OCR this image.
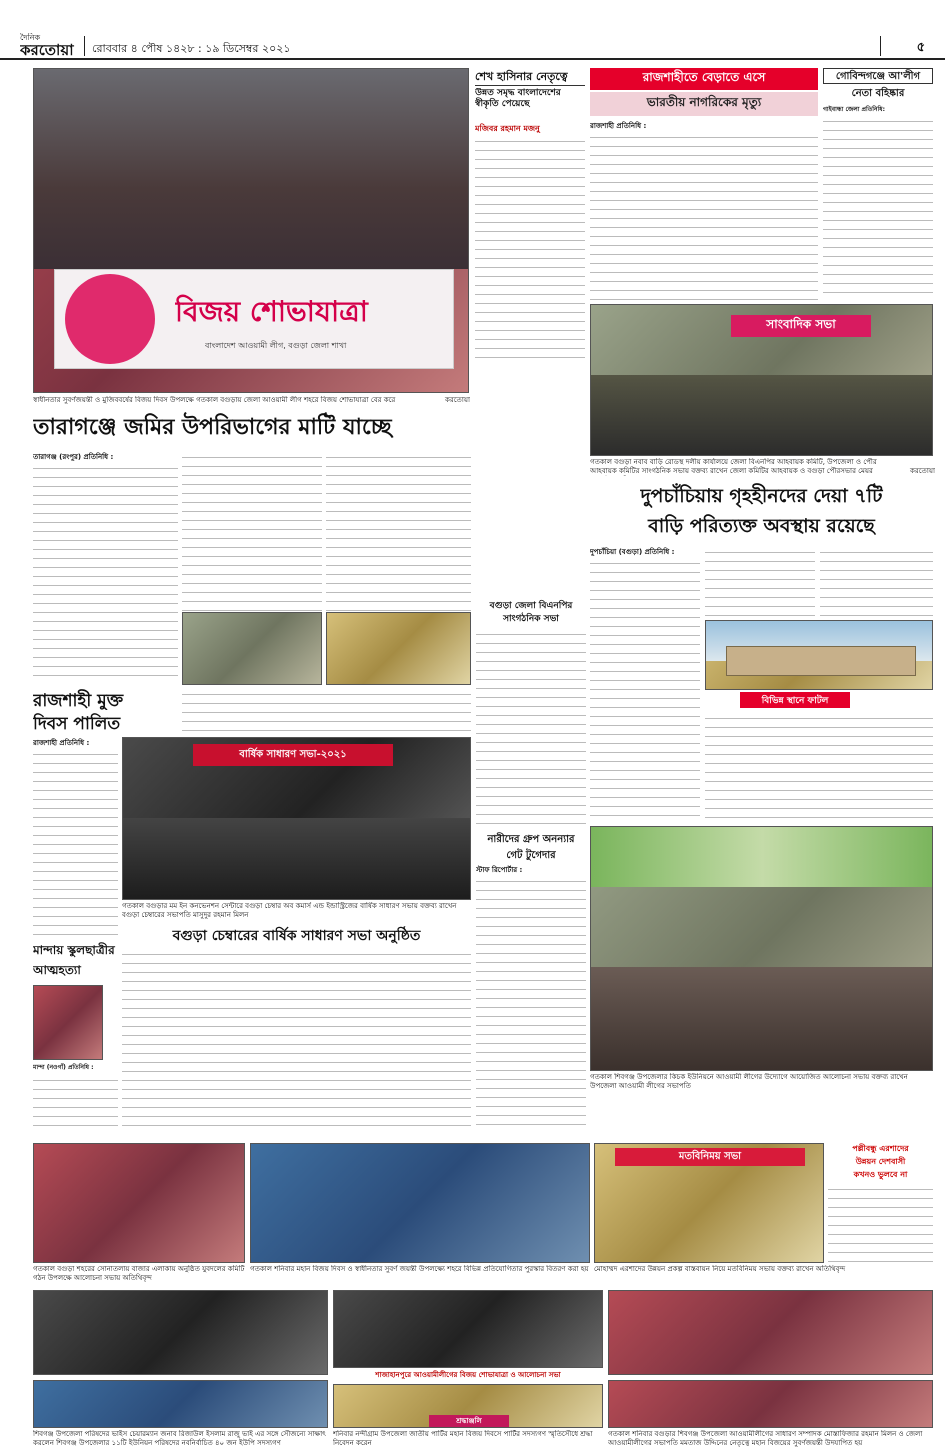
দৈনিক
করতোয়া	রোববার ৪ পৌষ ১৪২৮ : ১৯ ডিসেম্বর ২০২১	৫
বিজয় শোভাযাত্রা
বাংলাদেশ আওয়ামী লীগ, বগুড়া জেলা শাখা
স্বাধীনতার সুবর্ণজয়ন্তী ও মুজিববর্ষের বিজয় দিবস উপলক্ষে গতকাল বগুড়ায় জেলা আওয়ামী লীগ শহরে বিজয় শোভাযাত্রা বের করে	করতোয়া
শেখ হাসিনার নেতৃত্বে
উন্নত সমৃদ্ধ বাংলাদেশের স্বীকৃতি পেয়েছে
মজিবর রহমান মজনু
রাজশাহীতে বেড়াতে এসে
ভারতীয় নাগরিকের মৃত্যু
রাজশাহী প্রতিনিধি :
গোবিন্দগঞ্জে আ'লীগ
নেতা বহিষ্কার
গাইবান্ধা জেলা প্রতিনিধি:
সাংবাদিক সভা
গতকাল বগুড়া নবাব বাড়ি রোডস্থ দলীয় কার্যালয়ে জেলা বিএনপির আহবায়ক কমিটি, উপজেলা ও পৌর আহবায়ক কমিটির সাংগঠনিক সভায় বক্তব্য রাখেন জেলা কমিটির আহবায়ক ও বগুড়া পৌরসভার মেয়র	করতোয়া
তারাগঞ্জে জমির উপরিভাগের মাটি যাচ্ছে
তারাগঞ্জ (রংপুর) প্রতিনিধি :
বগুড়া জেলা বিএনপির
সাংগঠনিক সভা
দুপচাঁচিয়ায় গৃহহীনদের দেয়া ৭টি
বাড়ি পরিত্যক্ত অবস্থায় রয়েছে
দুপচাঁচিয়া (বগুড়া) প্রতিনিধি :
বিভিন্ন স্থানে ফাটল
রাজশাহী মুক্ত
দিবস পালিত
রাজশাহী প্রতিনিধি :
বার্ষিক সাধারণ সভা-২০২১
গতকাল বগুড়ার মম ইন কনভেনশন সেন্টারে বগুড়া চেম্বার অব কমার্স এন্ড ইন্ডাস্ট্রিজের বার্ষিক সাধারণ সভায় বক্তব্য রাখেন বগুড়া চেম্বারের সভাপতি মাসুদুর রহমান মিলন
বগুড়া চেম্বারের বার্ষিক সাধারণ সভা অনুষ্ঠিত
মান্দায় স্কুলছাত্রীর
আত্মহত্যা
মান্দা (নওগাঁ) প্রতিনিধি :
নারীদের গ্রুপ অনন্যার
গেট টুগেদার
স্টাফ রিপোর্টার :
গতকাল শিবগঞ্জ উপজেলার কিচক ইউনিয়নে আওয়ামী লীগের উদ্যোগে আয়োজিত আলোচনা সভায় বক্তব্য রাখেন উপজেলা আওয়ামী লীগের সভাপতি
গতকাল বগুড়া শহরের সোনাতলায় বাজার এলাকায় অনুষ্ঠিত যুবদলের কমিটি গঠন উপলক্ষে আলোচনা সভায় অতিথিবৃন্দ
গতকাল শনিবার মহান বিজয় দিবস ও স্বাধীনতার সুবর্ণ জয়ন্তী উপলক্ষ্যে শহরে বিভিন্ন প্রতিযোগিতার পুরস্কার বিতরণ করা হয়
মতবিনিময় সভা
মোহাম্মদ এরশাদের উন্নয়ন প্রকল্প বাস্তবায়ন নিয়ে মতবিনিময় সভায় বক্তব্য রাখেন অতিথিবৃন্দ
পল্লীবন্ধু এরশাদের
উন্নয়ন দেশবাসী
কখনও ভুলবে না
শাজাহানপুরে আওয়ামীলীগের বিজয় শোভাযাত্রা ও আলোচনা সভা
শিবগঞ্জ উপজেলা পরিষদের ভাইস চেয়ারম্যান জনাব রিজাউল ইসলাম রাজু ভাই এর সঙ্গে সৌজন্যে সাক্ষাৎ করলেন শিবগঞ্জ উপজেলার ১১টি ইউনিয়ন পরিষদের নবনির্বাচিত ৪০ জন ইউপি সদস্যগণ
শ্রদ্ধাঞ্জলি
শনিবার নন্দীগ্রাম উপজেলা জাতীয় পার্টির মহান বিজয় দিবসে পার্টির সদস্যগণ স্মৃতিসৌধে শ্রদ্ধা নিবেদন করেন
গতকাল শনিবার বগুড়ার শিবগঞ্জ উপজেলা আওয়ামীলীগের সাধারণ সম্পাদক মোস্তাফিজার রহমান মিলন ও জেলা আওয়ামীলীগের সভাপতি মমতাজ উদ্দিনের নেতৃত্বে মহান বিজয়ের সুবর্ণজয়ন্তী উদযাপিত হয়
